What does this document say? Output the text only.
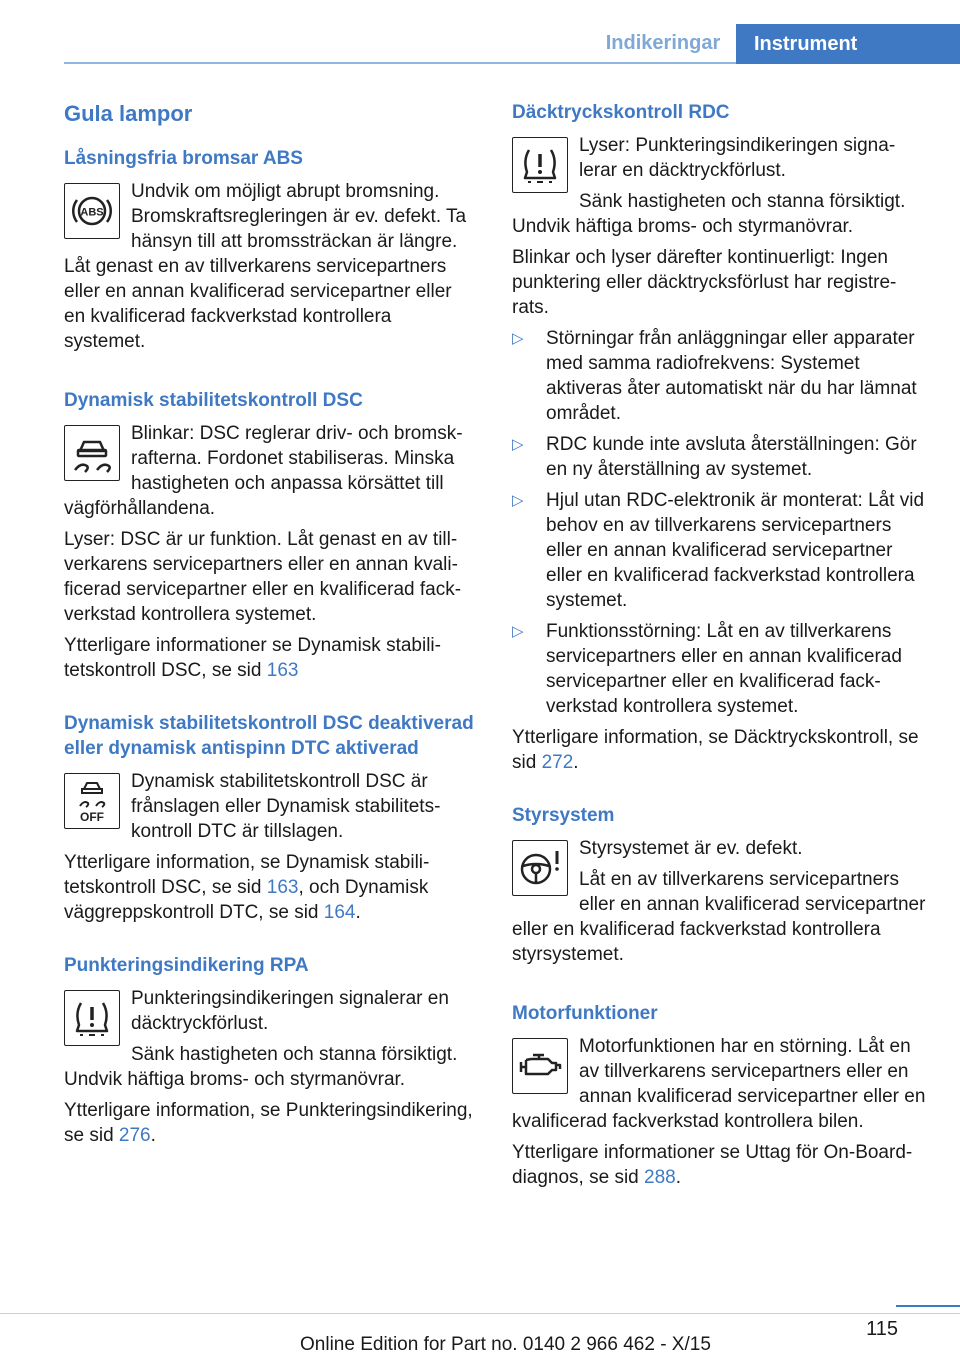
Indikeringar	Instrument
Gula lampor
Låsningsfria bromsar ABS
ABS

Undvik om möjligt abrupt bromsning. Bromskraftsregleringen är ev. defekt. Ta hänsyn till att bromssträckan är längre. Låt genast en av tillverkarens servicepartners eller en annan kvalificerad servicepartner eller en kvalificerad fackverkstad kontrollera systemet.

Dynamisk stabilitetskontroll DSC

Blinkar: DSC reglerar driv- och bromskrafterna. Fordonet stabiliseras. Minska hastigheten och anpassa körsättet till vägförhållandena.

Lyser: DSC är ur funktion. Låt genast en av tillverkarens servicepartners eller en annan kvalificerad servicepartner eller en kvalificerad fackverkstad kontrollera systemet.

Ytterligare informationer se Dynamisk stabilitetskontroll DSC, se sid 163

Dynamisk stabilitetskontroll DSC deaktiverad eller dynamisk antispinn DTC aktiverad
OFF

Dynamisk stabilitetskontroll DSC är frånslagen eller Dynamisk stabilitetskontroll DTC är tillslagen.

Ytterligare information, se Dynamisk stabilitetskontroll DSC, se sid 163, och Dynamisk väggreppskontroll DTC, se sid 164.

Punkteringsindikering RPA

Punkteringsindikeringen signalerar en däcktryckförlust.

Sänk hastigheten och stanna försiktigt. Undvik häftiga broms- och styrmanövrar.

Ytterligare information, se Punkteringsindikering, se sid 276.

Däcktryckskontroll RDC

Lyser: Punkteringsindikeringen signalerar en däcktryckförlust.

Sänk hastigheten och stanna försiktigt. Undvik häftiga broms- och styrmanövrar.

Blinkar och lyser därefter kontinuerligt: Ingen punktering eller däcktrycksförlust har registrerats.

▷ Störningar från anläggningar eller apparater med samma radiofrekvens: Systemet aktiveras åter automatiskt när du har lämnat området.
▷ RDC kunde inte avsluta återställningen: Gör en ny återställning av systemet.
▷ Hjul utan RDC-elektronik är monterat: Låt vid behov en av tillverkarens servicepartners eller en annan kvalificerad servicepartner eller en kvalificerad fackverkstad kontrollera systemet.
▷ Funktionsstörning: Låt en av tillverkarens servicepartners eller en annan kvalificerad servicepartner eller en kvalificerad fackverkstad kontrollera systemet.

Ytterligare information, se Däcktryckskontroll, se sid 272.

Styrsystem

Styrsystemet är ev. defekt.

Låt en av tillverkarens servicepartners eller en annan kvalificerad servicepartner eller en kvalificerad fackverkstad kontrollera styrsystemet.

Motorfunktioner

Motorfunktionen har en störning. Låt en av tillverkarens servicepartners eller en annan kvalificerad servicepartner eller en kvalificerad fackverkstad kontrollera bilen.

Ytterligare informationer se Uttag för On-Board-diagnos, se sid 288.

115
Online Edition for Part no. 0140 2 966 462 - X/15
